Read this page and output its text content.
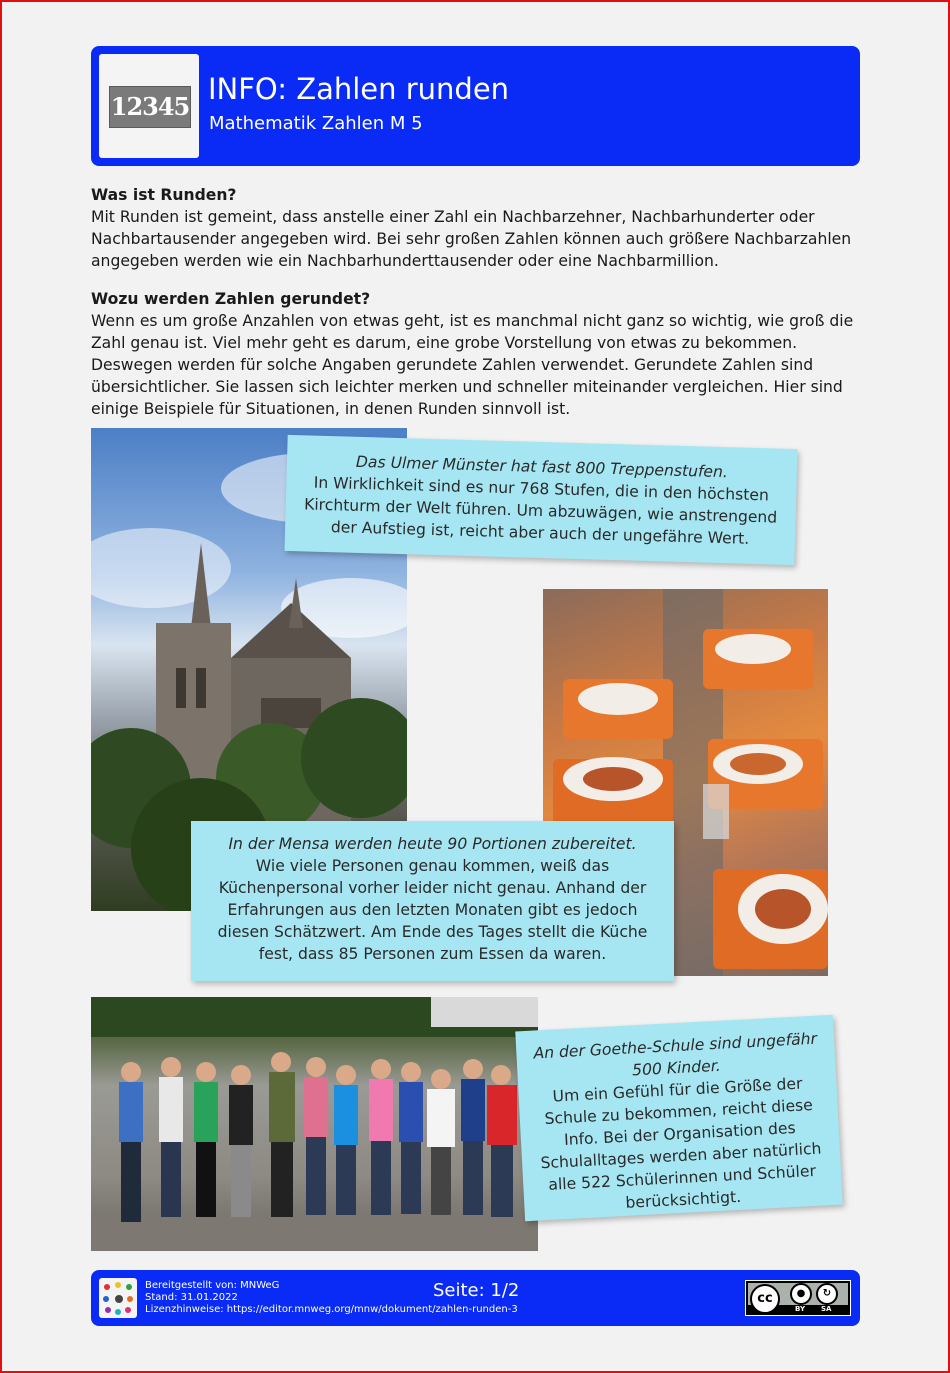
12345
INFO: Zahlen runden
Mathematik Zahlen M 5
Was ist Runden?

Mit Runden ist gemeint, dass anstelle einer Zahl ein Nachbarzehner, Nachbarhunderter oder Nachbartausender angegeben wird. Bei sehr großen Zahlen können auch größere Nachbarzahlen angegeben werden wie ein Nachbarhunderttausender oder eine Nachbarmillion.

Wozu werden Zahlen gerundet?

Wenn es um große Anzahlen von etwas geht, ist es manchmal nicht ganz so wichtig, wie groß die Zahl genau ist. Viel mehr geht es darum, eine grobe Vorstellung von etwas zu bekommen. Deswegen werden für solche Angaben gerundete Zahlen verwendet. Gerundete Zahlen sind übersichtlicher. Sie lassen sich leichter merken und schneller miteinander vergleichen. Hier sind einige Beispiele für Situationen, in denen Runden sinnvoll ist.

Das Ulmer Münster hat fast 800 Treppenstufen.
In Wirklichkeit sind es nur 768 Stufen, die in den höchsten Kirchturm der Welt führen. Um abzuwägen, wie anstrengend der Aufstieg ist, reicht aber auch der ungefähre Wert.
In der Mensa werden heute 90 Portionen zubereitet.
Wie viele Personen genau kommen, weiß das Küchenpersonal vorher leider nicht genau. Anhand der Erfahrungen aus den letzten Monaten gibt es jedoch diesen Schätzwert. Am Ende des Tages stellt die Küche fest, dass 85 Personen zum Essen da waren.
An der Goethe-Schule sind ungefähr 500 Kinder.
Um ein Gefühl für die Größe der Schule zu bekommen, reicht diese Info. Bei der Organisation des Schulalltages werden aber natürlich alle 522 Schülerinnen und Schüler berücksichtigt.
Bereitgestellt von: MNWeG
Stand: 31.01.2022
Lizenzhinweise: https://editor.mnweg.org/mnw/dokument/zahlen-runden-3
Seite: 1/2	cc	●	↻
BY SA
